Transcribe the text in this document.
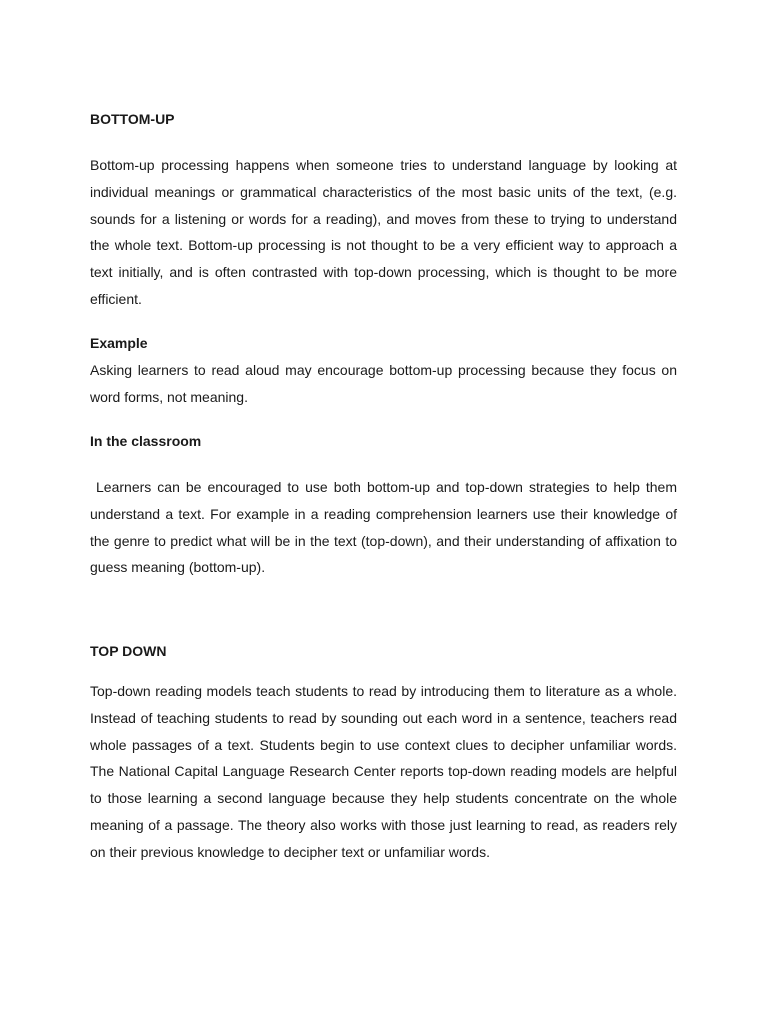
BOTTOM-UP

Bottom-up processing happens when someone tries to understand language by looking at individual meanings or grammatical characteristics of the most basic units of the text, (e.g. sounds for a listening or words for a reading), and moves from these to trying to understand the whole text. Bottom-up processing is not thought to be a very efficient way to approach a text initially, and is often contrasted with top-down processing, which is thought to be more efficient.

Example

Asking learners to read aloud may encourage bottom-up processing because they focus on word forms, not meaning.

In the classroom

Learners can be encouraged to use both bottom-up and top-down strategies to help them understand a text. For example in a reading comprehension learners use their knowledge of the genre to predict what will be in the text (top-down), and their understanding of affixation to guess meaning (bottom-up).

TOP DOWN

Top-down reading models teach students to read by introducing them to literature as a whole. Instead of teaching students to read by sounding out each word in a sentence, teachers read whole passages of a text. Students begin to use context clues to decipher unfamiliar words. The National Capital Language Research Center reports top-down reading models are helpful to those learning a second language because they help students concentrate on the whole meaning of a passage. The theory also works with those just learning to read, as readers rely on their previous knowledge to decipher text or unfamiliar words.
